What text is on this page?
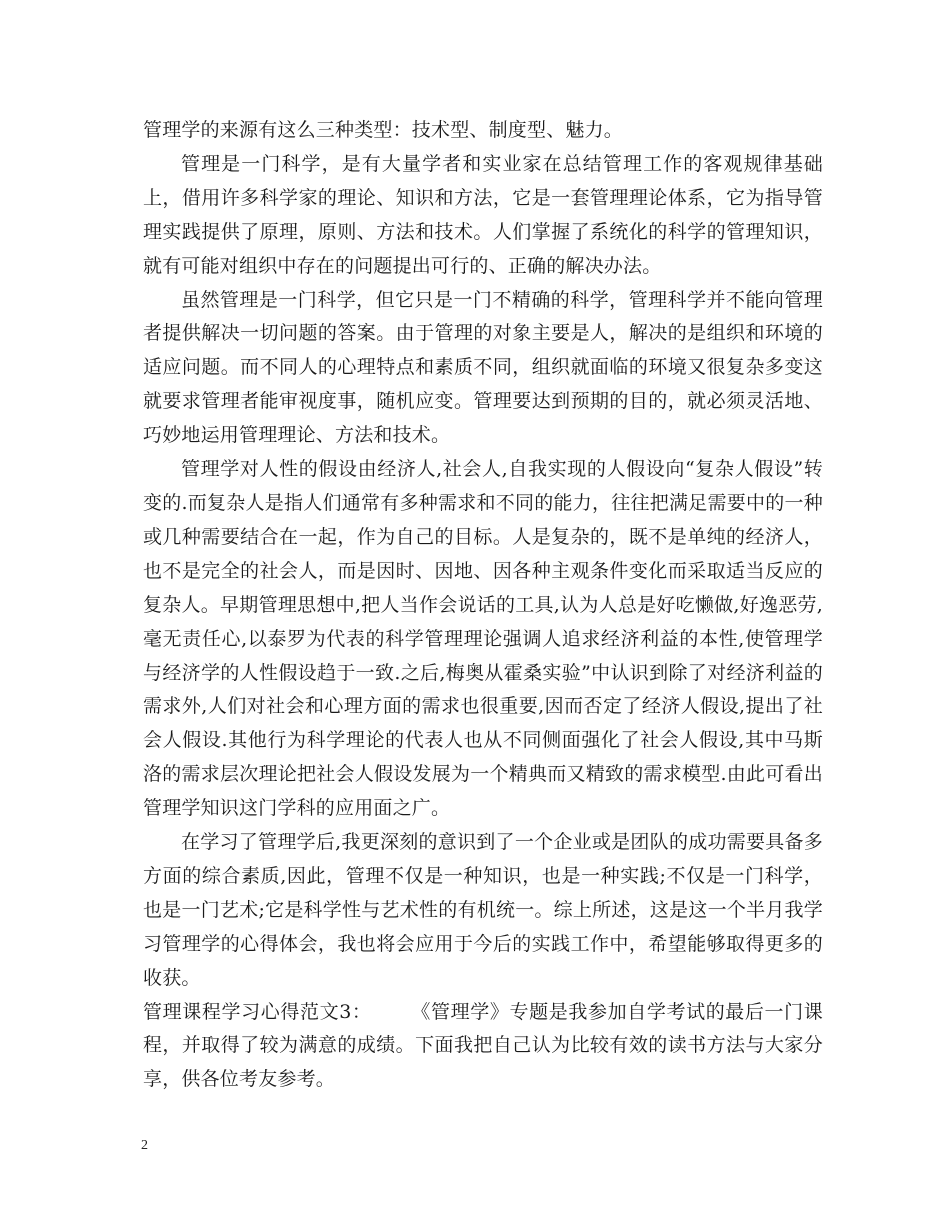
管理学的来源有这么三种类型：技术型、制度型、魅力。

管理是一门科学，是有大量学者和实业家在总结管理工作的客观规律基础上，借用许多科学家的理论、知识和方法，它是一套管理理论体系，它为指导管理实践提供了原理，原则、方法和技术。人们掌握了系统化的科学的管理知识，就有可能对组织中存在的问题提出可行的、正确的解决办法。

虽然管理是一门科学，但它只是一门不精确的科学，管理科学并不能向管理者提供解决一切问题的答案。由于管理的对象主要是人，解决的是组织和环境的适应问题。而不同人的心理特点和素质不同，组织就面临的环境又很复杂多变这就要求管理者能审视度事，随机应变。管理要达到预期的目的，就必须灵活地、巧妙地运用管理理论、方法和技术。

管理学对人性的假设由经济人,社会人,自我实现的人假设向“复杂人假设”转变的.而复杂人是指人们通常有多种需求和不同的能力，往往把满足需要中的一种或几种需要结合在一起，作为自己的目标。人是复杂的，既不是单纯的经济人，也不是完全的社会人，而是因时、因地、因各种主观条件变化而采取适当反应的复杂人。早期管理思想中,把人当作会说话的工具,认为人总是好吃懒做,好逸恶劳,毫无责任心,以泰罗为代表的科学管理理论强调人追求经济利益的本性,使管理学与经济学的人性假设趋于一致.之后,梅奥从霍桑实验”中认识到除了对经济利益的需求外,人们对社会和心理方面的需求也很重要,因而否定了经济人假设,提出了社会人假设.其他行为科学理论的代表人也从不同侧面强化了社会人假设,其中马斯洛的需求层次理论把社会人假设发展为一个精典而又精致的需求模型.由此可看出管理学知识这门学科的应用面之广。

在学习了管理学后,我更深刻的意识到了一个企业或是团队的成功需要具备多方面的综合素质,因此，管理不仅是一种知识，也是一种实践;不仅是一门科学，也是一门艺术;它是科学性与艺术性的有机统一。综上所述，这是这一个半月我学习管理学的心得体会，我也将会应用于今后的实践工作中，希望能够取得更多的收获。

管理课程学习心得范文3：　　　《管理学》专题是我参加自学考试的最后一门课程，并取得了较为满意的成绩。下面我把自己认为比较有效的读书方法与大家分享，供各位考友参考。

2
